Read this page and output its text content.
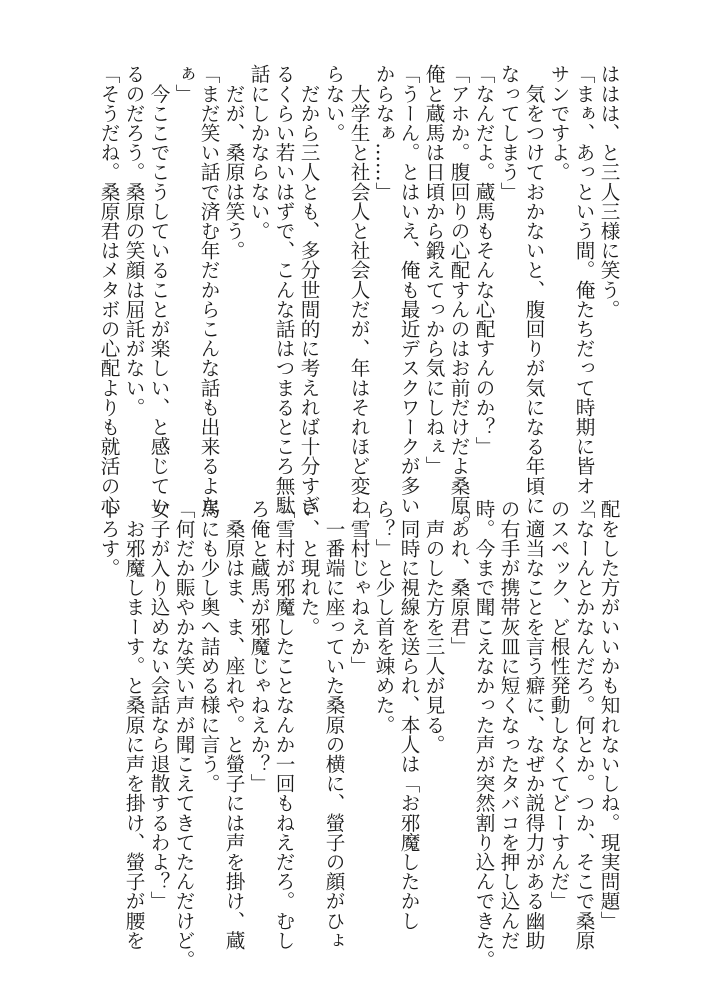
ははは、と三人三様に笑う。
「まぁ、あっという間。俺たちだって時期に皆オッ
サンですよ。
　気をつけておかないと、腹回りが気になる年頃に
なってしまう」
「なんだよ。蔵馬もそんな心配すんのか？」
「アホか。腹回りの心配すんのはお前だけだよ桑原。
俺と蔵馬は日頃から鍛えてっから気にしねぇ」
「うーん。とはいえ、俺も最近デスクワークが多い
からなぁ……」
　大学生と社会人と社会人だが、年はそれほど変わ
らない。
　だから三人とも、多分世間的に考えれば十分すぎ
るくらい若いはずで、こんな話はつまるところ無駄
話にしかならない。
　だが、桑原は笑う。
「まだ笑い話で済む年だからこんな話も出来るよな
ぁ」
　今ここでこうしていることが楽しい、と感じてい
るのだろう。桑原の笑顔は屈託がない。
「そうだね。桑原君はメタボの心配よりも就活の心
配をした方がいいかも知れないしね。現実問題」
「なーんとかなんだろ。何とか。つか、そこで桑原
のスペック、ど根性発動しなくてどーすんだ」
　適当なことを言う癖に、なぜか説得力がある幽助
の右手が携帯灰皿に短くなったタバコを押し込んだ
時。今まで聞こえなかった声が突然割り込んできた。
「あれ、桑原君」
　声のした方を三人が見る。
　同時に視線を送られ、本人は「お邪魔したかし
ら？」と少し首を竦めた。
「雪村じゃねえか」
　一番端に座っていた桑原の横に、螢子の顔がひょ
い、と現れた。
「雪村が邪魔したことなんか一回もねえだろ。むし
ろ俺と蔵馬が邪魔じゃねえか？」
　桑原はま、ま、座れや。と螢子には声を掛け、蔵
馬にも少し奥へ詰める様に言う。
「何だか賑やかな笑い声が聞こえてきてたんだけど。
女子が入り込めない会話なら退散するわよ？」
　お邪魔しまーす。と桑原に声を掛け、螢子が腰を
下ろす。
